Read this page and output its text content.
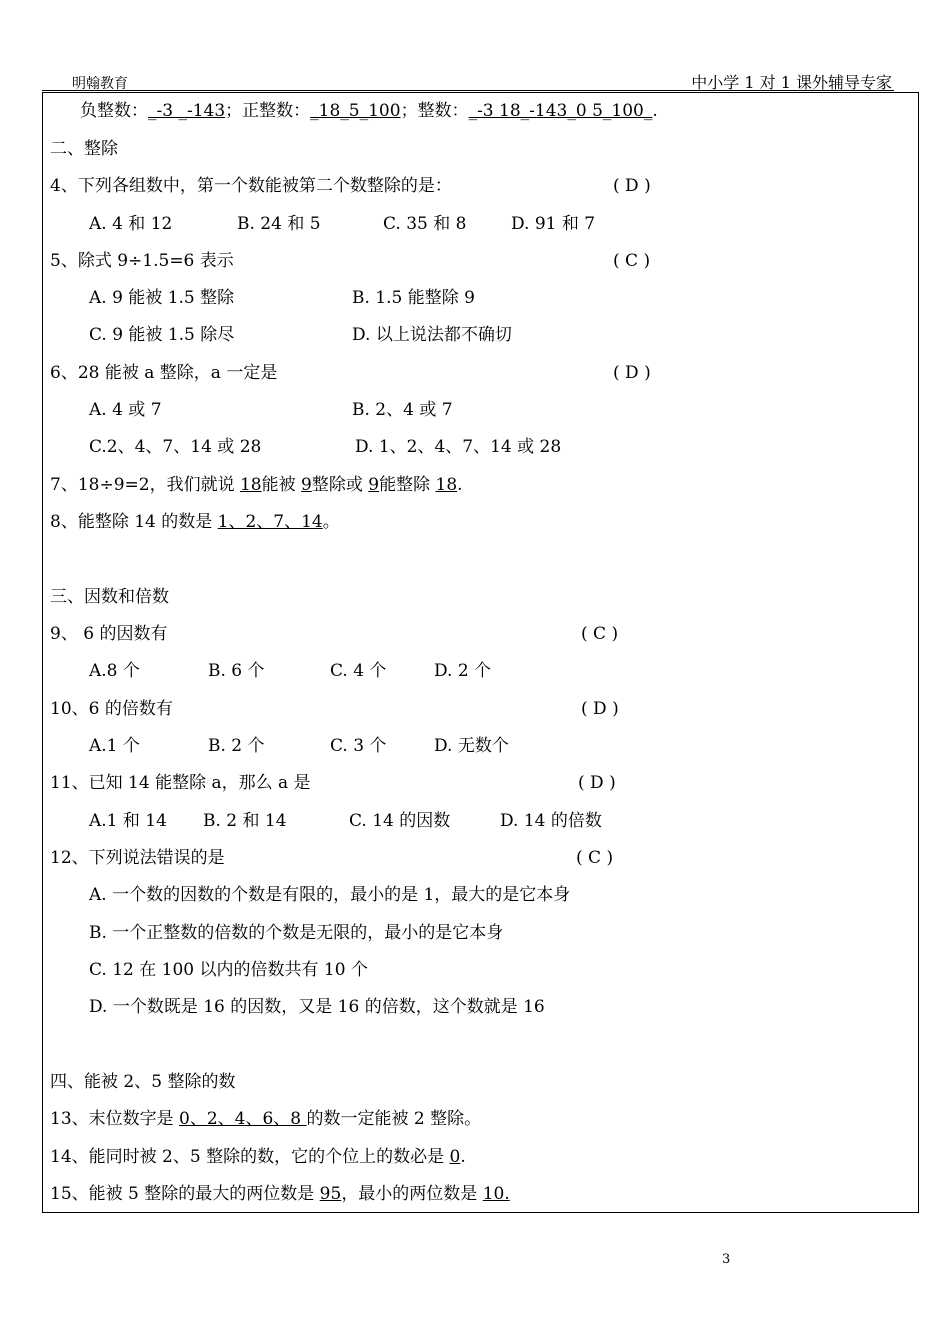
明翰教育	中小学 1 对 1 课外辅导专家
负整数：_-3 _-143；正整数：_18_5_100；整数：_-3 18_-143_0 5_100_.
二、整除
4、下列各组数中，第一个数能被第二个数整除的是：	( D )
A. 4 和 12	B. 24 和 5	C. 35 和 8	D. 91 和 7
5、除式 9÷1.5=6 表示	( C )
A. 9 能被 1.5 整除	B. 1.5 能整除 9
C. 9 能被 1.5 除尽	D. 以上说法都不确切
6、28 能被 a 整除，a 一定是	( D )
A. 4 或 7	B. 2、4 或 7
C.2、4、7、14 或 28	D. 1、2、4、7、14 或 28
7、18÷9=2，我们就说 18能被 9整除或 9能整除 18.
8、能整除 14 的数是 1、2、7、14。
三、因数和倍数
9、 6 的因数有	( C )
A.8 个	B. 6 个	C. 4 个	D. 2 个
10、6 的倍数有	( D )
A.1 个	B. 2 个	C. 3 个	D. 无数个
11、已知 14 能整除 a，那么 a 是	( D )
A.1 和 14 B. 2 和 14	C. 14 的因数	D. 14 的倍数
12、下列说法错误的是	( C )
A. 一个数的因数的个数是有限的，最小的是 1，最大的是它本身
B. 一个正整数的倍数的个数是无限的，最小的是它本身
C. 12 在 100 以内的倍数共有 10 个
D. 一个数既是 16 的因数，又是 16 的倍数，这个数就是 16
四、能被 2、5 整除的数
13、末位数字是 0、2、4、6、8 的数一定能被 2 整除。
14、能同时被 2、5 整除的数，它的个位上的数必是 0.
15、能被 5 整除的最大的两位数是 95，最小的两位数是 10.
3
